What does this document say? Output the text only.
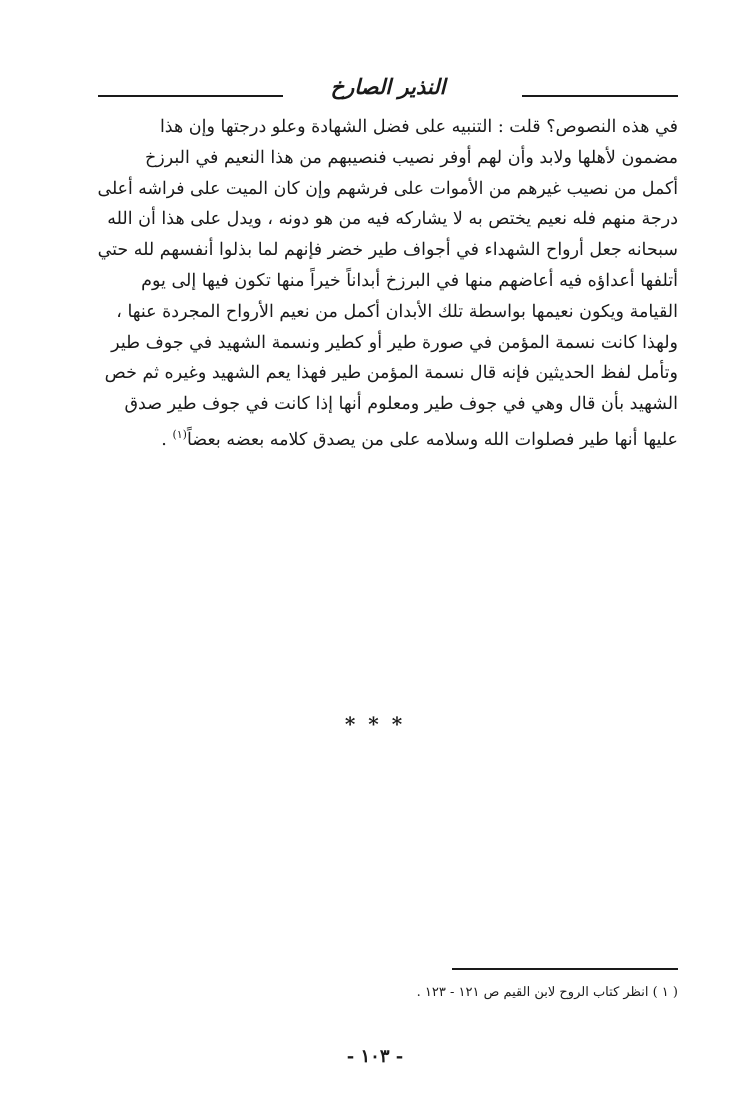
النذير الصارخ
في هذه النصوص؟ قلت : التنبيه على فضل الشهادة وعلو درجتها وإن هذا
مضمون لأهلها ولابد وأن لهم أوفر نصيب فنصيبهم من هذا النعيم في البرزخ
أكمل من نصيب غيرهم من الأموات على فرشهم وإن كان الميت على فراشه أعلى
درجة منهم فله نعيم يختص به لا يشاركه فيه من هو دونه ، ويدل على هذا أن الله
سبحانه جعل أرواح الشهداء في أجواف طير خضر فإنهم لما بذلوا أنفسهم لله حتي
أتلفها أعداؤه فيه أعاضهم منها في البرزخ أبداناً خيراً منها تكون فيها إلى يوم
القيامة ويكون نعيمها بواسطة تلك الأبدان أكمل من نعيم الأرواح المجردة عنها ،
ولهذا كانت نسمة المؤمن في صورة طير أو كطير ونسمة الشهيد في جوف طير
وتأمل لفظ الحديثين فإنه قال نسمة المؤمن طير فهذا يعم الشهيد وغيره ثم خص
الشهيد بأن قال وهي في جوف طير ومعلوم أنها إذا كانت في جوف طير صدق
عليها أنها طير فصلوات الله وسلامه على من يصدق كلامه بعضه بعضاً$^{(١)}$ .
* * *
( ١ ) انظر كتاب الروح لابن القيم ص ١٢١ - ١٢٣ .
- ١٠٣ -
